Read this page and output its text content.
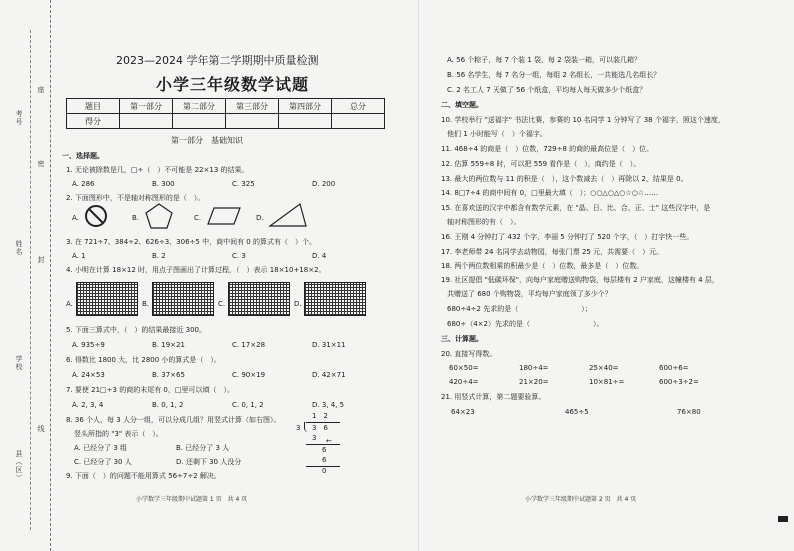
考号
座
姓名
封
学校
线
县（区）
密
2023—2024 学年第二学期期中质量检测
小学三年级数学试题
题目	第一部分	第二部分	第三部分	第四部分	总分
得分					
第一部分　基础知识
一、选择题。
1. 无论被除数是几，□÷（　）不可能是 22×13 的结果。
A. 286	B. 300	C. 325	D. 200
2. 下面图形中，不是轴对称图形的是（　）。
A.	B.	C.	D.
3. 在 721÷7、384÷2、626÷3、306÷5 中，商中间有 0 的算式有（　）个。
A. 1	B. 2	C. 3	D. 4
4. 小明在计算 18×12 时，用点子图画出了计算过程，（　）表示 18×10+18×2。
A.	B.	C.	D.
5. 下面三算式中，（　）的结果最接近 300。
A. 935÷9	B. 19×21	C. 17×28	D. 31×11
6. 得数比 1800 大，比 2800 小的算式是（　）。
A. 24×53	B. 37×65	C. 90×19	D. 42×71
7. 要使 21□÷3 的商的末尾有 0，□里可以填（　）。
A. 2, 3, 4	B. 0, 1, 2	C. 0, 1, 2	D. 3, 4, 5
8. 36 个人，每 3 人分一组，可以分成几组？用竖式计算（如右图）。
竖头所指的 "3" 表示（　）。
A. 已经分了 3 组	B. 已经分了 3 人
C. 已经分了 30 人	D. 还剩下 30 人没分
1　2
3 3　6
3 ←
6
6
0
9. 下面（　）的问题不能用算式 56÷7÷2 解决。
小学数学三年级期中试题第 1 页　共 4 页
A. 56 个粽子，每 7 个装 1 袋，每 2 袋装一箱，可以装几箱？
B. 56 名学生，每 7 名分一组，每组 2 名组长，一共能选几名组长？
C. 2 名工人 7 天做了 56 个纸盒，平均每人每天做多少个纸盒？
二、填空题。
10. 学校举行 "送福字" 书法比赛，参赛的 10 名同学 1 分钟写了 38 个福字，照这个速度，
他们 1 小时能写（　）个福字。
11. 468÷4 的商是（　）位数，729÷8 的商的最高位是（　）位。
12. 估算 559÷8 时，可以把 559 看作是（　），商约是（　）。
13. 最大的两位数与 11 的积是（　），这个数减去（　）再除以 2，结果是 0。
14. 8□7÷4 的商中间有 0，□里最大填（　）；○○△○△○☆○☆……
15. 在喜欢送的汉字中都含有数学元素，在 "晶、日、比、合、正、士" 这些汉字中，是
轴对称图形的有（　）。
16. 王刚 4 分钟打了 432 个字，李丽 5 分钟打了 520 个字，（　）打字快一些。
17. 李老师带 24 名同学去动物园，每张门票 25 元，共需要（　）元。
18. 两个两位数相乘的积最少是（　）位数，最多是（　）位数。
19. 社区提倡 "低碳环保"，向每户家庭赠送购物袋，每层楼有 2 户家庭，这幢楼有 4 层，
共赠送了 680 个购物袋，平均每户家庭领了多少个？
680÷4÷2 先求的是（　　　　　　　　　）；
680÷（4×2）先求的是（　　　　　　　　　）。
三、计算题。
20. 直接写得数。
60×50=	180÷4=	25×40=	600÷6=
420÷4=	21×20=	10×81÷=	600÷3÷2=
21. 用竖式计算，第二题要验算。
64×23	465÷5	76×80
小学数学三年级期中试题第 2 页　共 4 页
